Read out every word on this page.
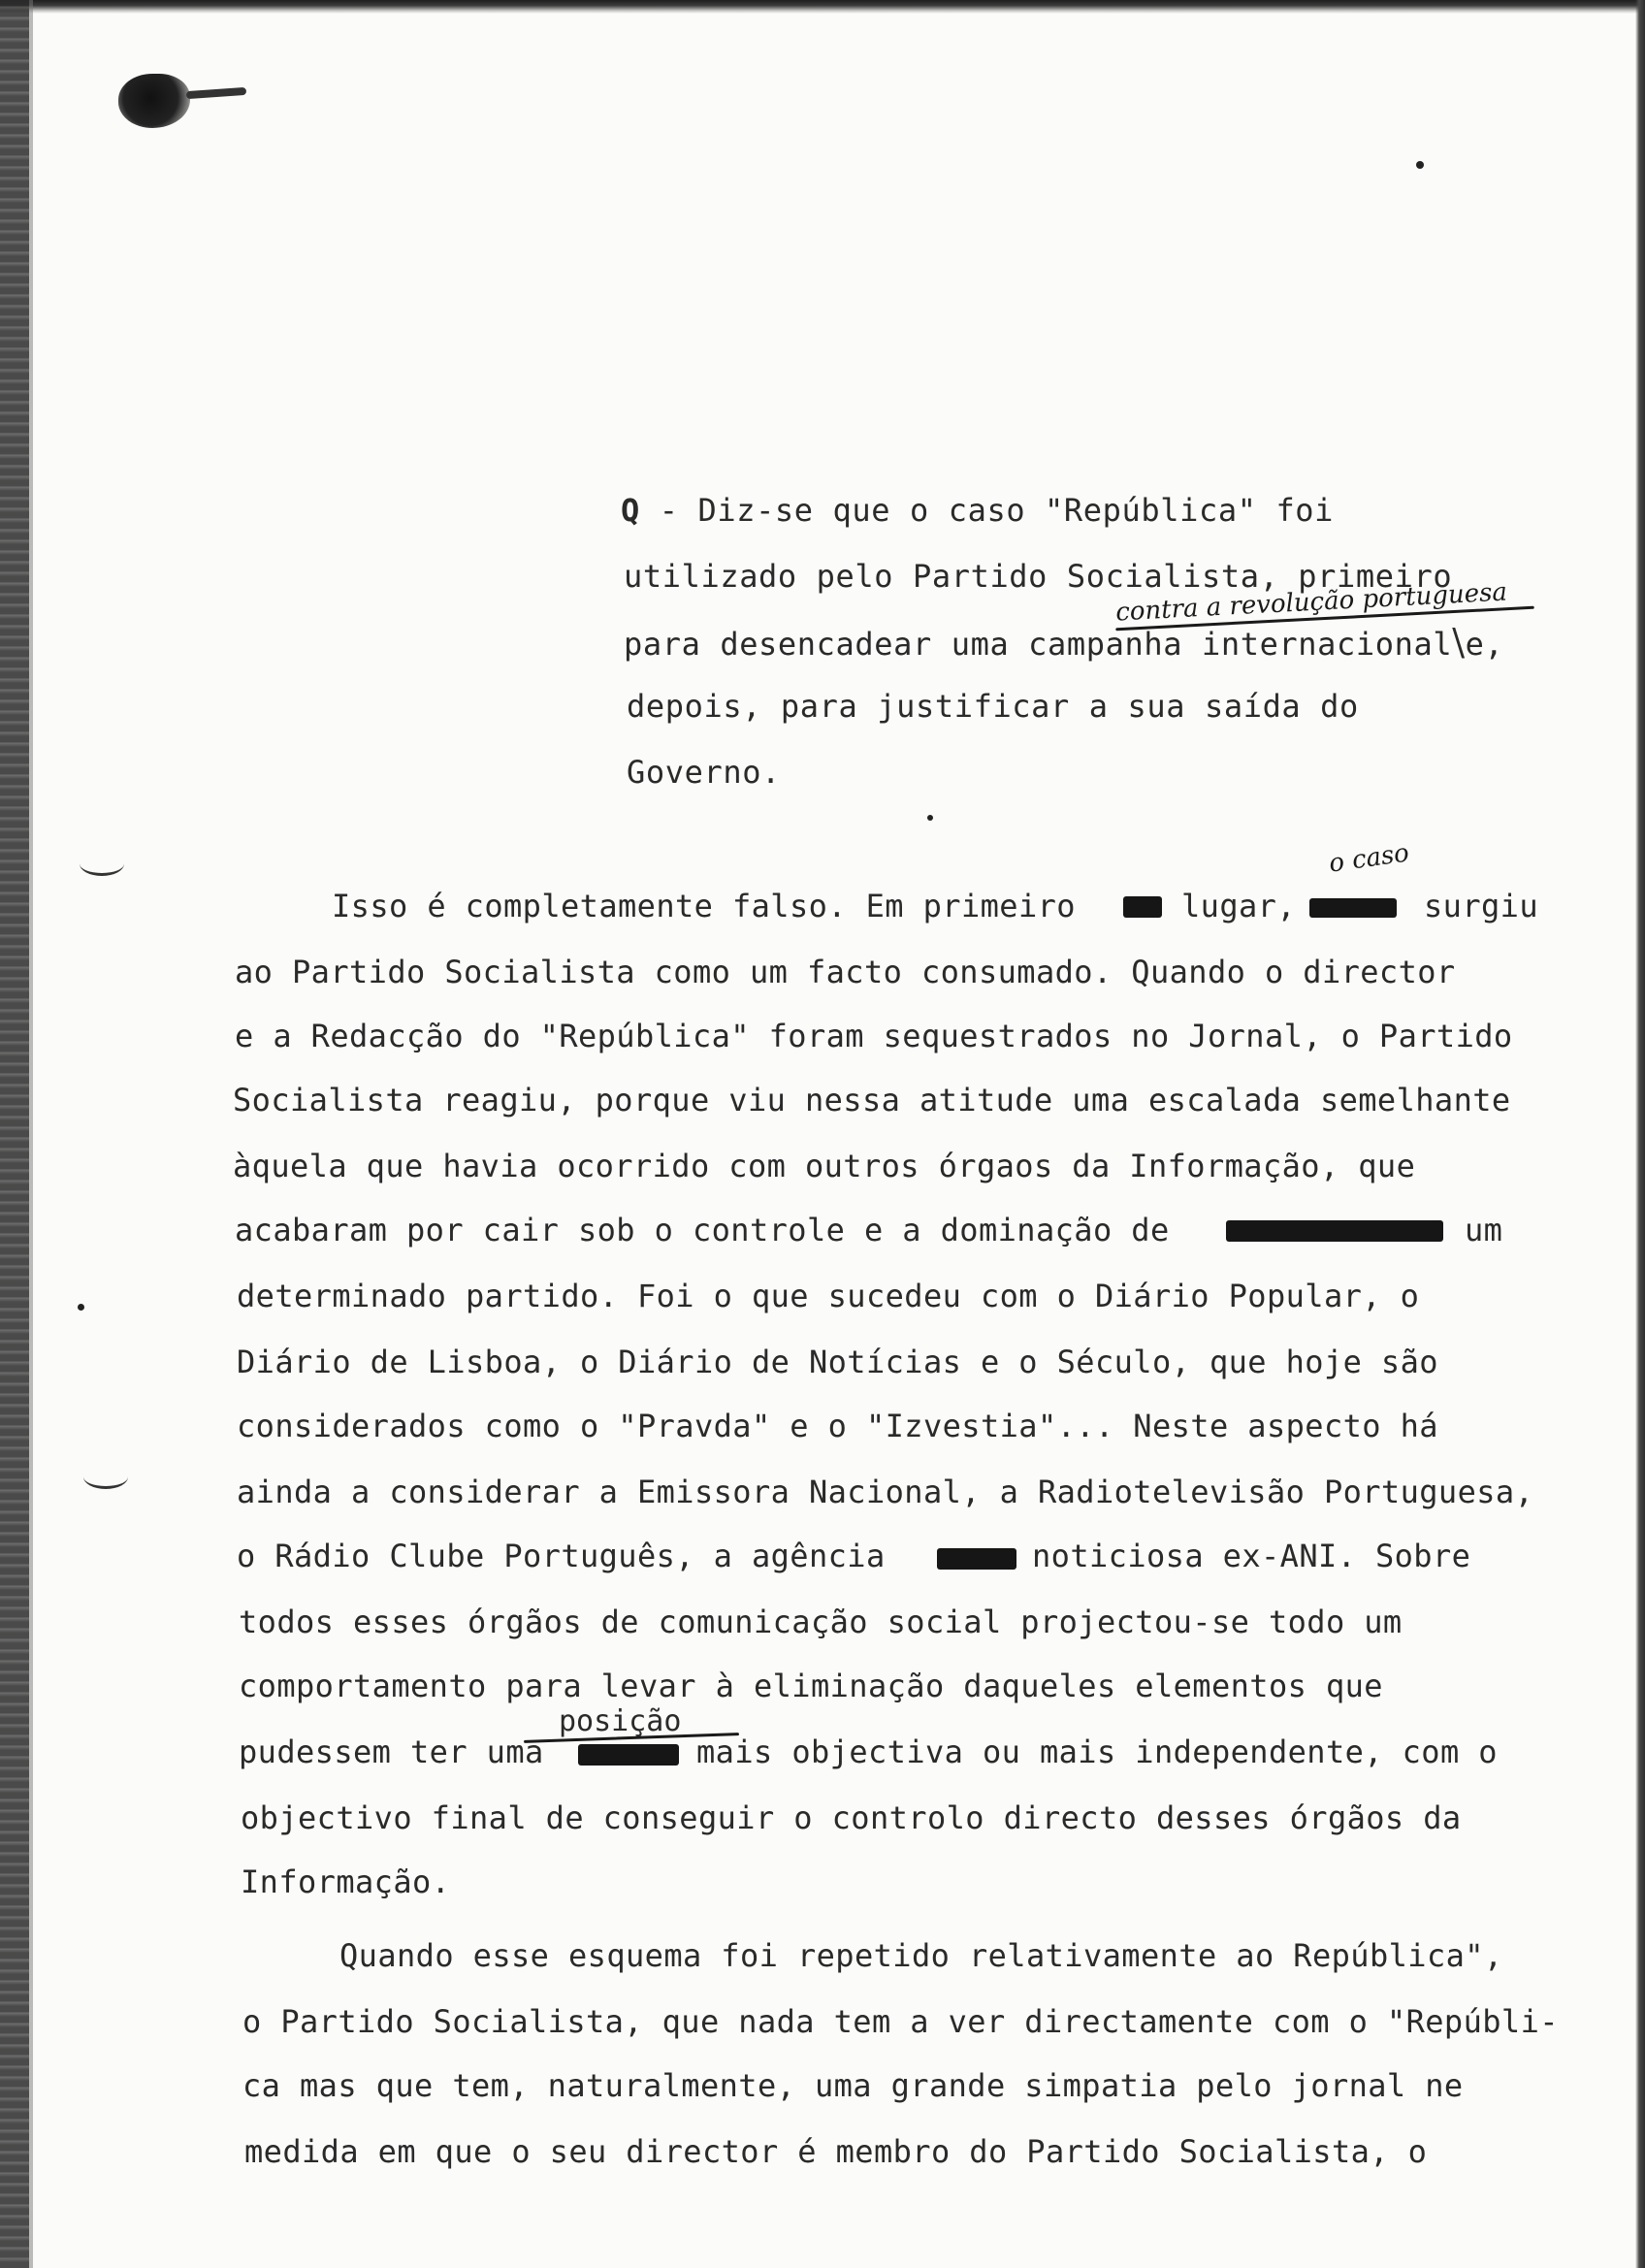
Q - Diz-se que o caso "República" foi
utilizado pelo Partido Socialista, primeiro
contra a revolução portuguesa
para desencadear uma campanha internacional\e,
depois, para justificar a sua saída do
Governo.
o caso
Isso é completamente falso. Em primeiro	lugar,	surgiu
ao Partido Socialista como um facto consumado. Quando o director
e a Redacção do "República" foram sequestrados no Jornal, o Partido
Socialista reagiu, porque viu nessa atitude uma escalada semelhante
àquela que havia ocorrido com outros órgaos da Informação, que
acabaram por cair sob o controle e a dominação de	um
determinado partido. Foi o que sucedeu com o Diário Popular, o
Diário de Lisboa, o Diário de Notícias e o Século, que hoje são
considerados como o "Pravda" e o "Izvestia"... Neste aspecto há
ainda a considerar a Emissora Nacional, a Radiotelevisão Portuguesa,
o Rádio Clube Português, a agência	noticiosa ex-ANI. Sobre
todos esses órgãos de comunicação social projectou-se todo um
comportamento para levar à eliminação daqueles elementos que
posição
pudessem ter uma	mais objectiva ou mais independente, com o
objectivo final de conseguir o controlo directo desses órgãos da
Informação.
Quando esse esquema foi repetido relativamente ao República",
o Partido Socialista, que nada tem a ver directamente com o "Repúbli-
ca mas que tem, naturalmente, uma grande simpatia pelo jornal ne
medida em que o seu director é membro do Partido Socialista, o
